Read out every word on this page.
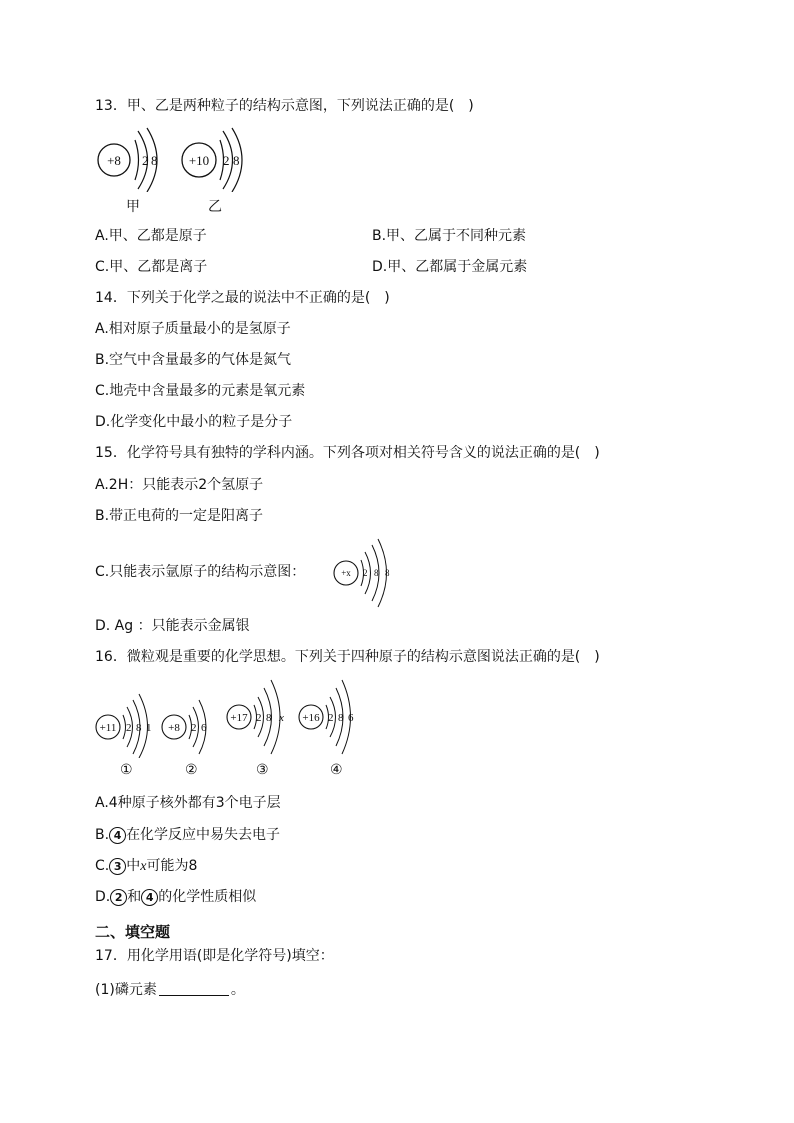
13．甲、乙是两种粒子的结构示意图，下列说法正确的是(　)
+8 2 8 +10 2 8
甲	乙
A.甲、乙都是原子	B.甲、乙属于不同种元素
C.甲、乙都是离子	D.甲、乙都属于金属元素
14．下列关于化学之最的说法中不正确的是(　)
A.相对原子质量最小的是氢原子
B.空气中含量最多的气体是氮气
C.地壳中含量最多的元素是氧元素
D.化学变化中最小的粒子是分子
15．化学符号具有独特的学科内涵。下列各项对相关符号含义的说法正确的是(　)
A.2H：只能表示2个氢原子
B.带正电荷的一定是阳离子
C.只能表示氩原子的结构示意图：	+x 2 8 8
D. Ag ：只能表示金属银
16．微粒观是重要的化学思想。下列关于四种原子的结构示意图说法正确的是(　)
+11 2 8 1 +8 2 6
+17 2 8 x +16 2 8 6
①	②	③	④
A.4种原子核外都有3个电子层
B. 4 在化学反应中易失去电子
C. 3 中x可能为8
D. 2 和 4 的化学性质相似
二、填空题
17．用化学用语(即是化学符号)填空：
(1)磷元素	。
